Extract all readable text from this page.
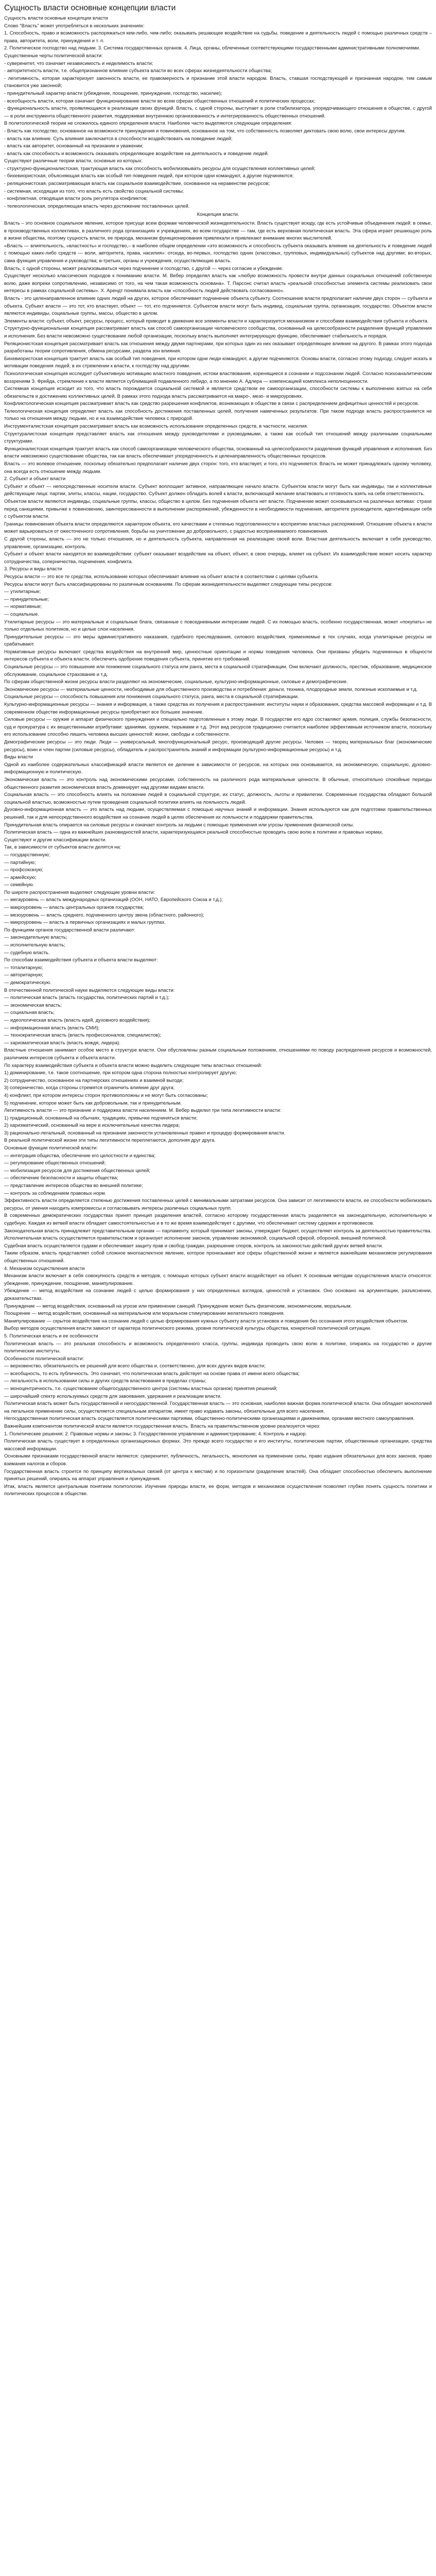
Сущность власти основные концепции власти

Сущность власти основные концепции власти

Слово "Власть" может употребляться в нескольких значениях:

1. Способность, право и возможность распоряжаться кем-либо, чем-либо; оказывать решающее воздействие на судьбы, поведение и деятельность людей с помощью различных средств – права, авторитета, воли, принуждения и т. п.

2. Политическое господство над людьми. 3. Система государственных органов. 4. Лица, органы, облеченные соответствующими государственными административными полномочиями.

Существенные черты политической власти:

- суверенитет, что означает независимость и неделимость власти;

- авторитетность власти, т.е. общепризнанное влияние субъекта власти во всех сферах жизнедеятельности общества;

- легитимность, которая характеризует законность власти, ее правомерность и признание этой власти народом. Власть, ставшая господствующей и признанная народом, тем самым становится уже законной;

- принудительный характер власти (убеждение, поощрение, принуждение, господство, насилие);

- всеобщность власти, которая означает функционирование власти во всем сферах общественных отношений и политических процессах;

- функциональность власти, проявляющаяся в реализации своих функций. Власть, с одной стороны, выступает в роли стабилизатора, упорядочивающего отношения в обществе, с другой — в роли инструмента общественного развития, поддерживая внутреннюю организованность и интегрированность общественных отношений.

В политологической теории не сложилось единого определения власти. Наиболее часто выделяются следующие определения:

- Власть как господство, основанное на возможности принуждения и повиновения, основанное на том, что собственность позволяет диктовать свою волю, свои интересы другим.

- власть как влияние. Суть влияния заключается в способности воздействовать на поведение людей;

- власть как авторитет, основанный на признании и уважении;

- власть как способность и возможность оказывать определяющее воздействие на деятельность и поведение людей.

Существуют различные теории власти, основные из которых:

- структурно-функционалистская, трактующая власть как способность мобилизовывать ресурсы для осуществления коллективных целей;

- бихевиористская, объясняющая власть как особый тип поведения людей, при котором одни командуют, а другие подчиняются;

- реляционистская, рассматривающая власть как социальное взаимодействие, основанное на неравенстве ресурсов;

- системная, исходящая из того, что власть есть свойство социальной системы;

- конфликтная, отводящая власти роль регулятора конфликтов;

- телеологическая, определяющая власть через достижение поставленных целей.

Концепция власти.

Власть – это основное социальное явление, которое присуще всем формам человеческой жизнедеятельности. Власть существует всюду, где есть устойчивые объединения людей: в семье, в производственных коллективах, в различного рода организациях и учреждениях, во всем государстве — там, где есть верховная политическая власть. Эта сфера играет решающую роль в жизни общества, поэтому сущность власти, ее природа, механизм функционирования привлекали и привлекают внимание многих мыслителей.

«Власть — влиятельность, «властность» и господство,– в наиболее общем определении «это возможность и способность субъекта оказывать влияние на деятельность и поведение людей с помощью каких-либо средств — воли, авторитета, права, насилия»: отсюда, во-первых, господство одних (классовых, групповых, индивидуальных) субъектов над другими; во-вторых, сама функция управления и руководства; в-третьих, органы и учреждения, осуществляющие власть.

Власть, с одной стороны, может реализовываться через подчинение и господство, с другой — через согласие и убеждение.

Существует несколько классических подходов к пониманию власти. М. Вебер определял власть как «любую возможность провести внутри данных социальных отношений собственную волю, даже вопреки сопротивлению, независимо от того, на чем такая возможность основана». Т. Парсонс считал власть «реальной способностью элемента системы реализовать свои интересы в рамках социальной системы». Х. Арендт понимала власть как «способность людей действовать согласованно».

Власть - это целенаправленное влияние одних людей на других, которое обеспечивает подчинение объекта субъекту. Соотношение власти предполагает наличие двух сторон — субъекта и объекта. Субъект власти — это тот, кто властвует, объект — тот, кто подчиняется. Субъектом власти могут быть индивид, социальная группа, организация, государство. Объектом власти являются индивиды, социальные группы, массы, общество в целом.

Элементы власти: субъект, объект, ресурсы, процесс, который приводит в движение все элементы власти и характеризуется механизмом и способами взаимодействия субъекта и объекта.

Структурно-функциональная концепция рассматривает власть как способ самоорганизации человеческого сообщества, основанный на целесообразности разделения функций управления и исполнения. Без власти невозможно существование любой организации, поскольку власть выполняет интегрирующую функцию, обеспечивает стабильность и порядок.

Реляционистская концепция рассматривает власть как отношения между двумя партнерами, при которых один из них оказывает определяющее влияние на другого. В рамках этого подхода разработаны теории сопротивления, обмена ресурсами, раздела зон влияния.

Бихевиористская концепция трактует власть как особый тип поведения, при котором одни люди командуют, а другие подчиняются. Основы власти, согласно этому подходу, следует искать в мотивации поведения людей, в их стремлении к власти, к господству над другими.

Психологическая концепция исследует субъективную мотивацию властного поведения, истоки властвования, коренящиеся в сознании и подсознании людей. Согласно психоаналитическим воззрениям З. Фрейда, стремление к власти является сублимацией подавленного либидо, а по мнению А. Адлера — компенсацией комплекса неполноценности.

Системная концепция исходит из того, что власть порождается социальной системой и является средством ее самоорганизации, способности системы к выполнению взятых на себя обязательств и достижению коллективных целей. В рамках этого подхода власть рассматривается на макро-, мезо- и микроуровнях.

Конфликтологическая концепция рассматривает власть как средство разрешения конфликтов, возникающих в обществе в связи с распределением дефицитных ценностей и ресурсов.

Телеологическая концепция определяет власть как способность достижения поставленных целей, получения намеченных результатов. При таком подходе власть распространяется не только на отношения между людьми, но и на взаимодействие человека с природой.

Инструменталистская концепция рассматривает власть как возможность использования определенных средств, в частности, насилия.

Структуралистская концепция представляет власть как отношения между руководителями и руководимыми, а также как особый тип отношений между различными социальными структурами.

Функционалистская концепция трактует власть как способ самоорганизации человеческого общества, основанный на целесообразности разделения функций управления и исполнения. Без власти невозможно существование общества, так как власть обеспечивает упорядоченность и целенаправленность общественных процессов.

Власть — это волевое отношение, поскольку обязательно предполагает наличие двух сторон: того, кто властвует, и того, кто подчиняется. Власть не может принадлежать одному человеку, она всегда есть отношение между людьми.

2. Субъект и объект власти

Субъект и объект — непосредственные носители власти. Субъект воплощает активное, направляющее начало власти. Субъектом власти могут быть как индивиды, так и коллективные действующие лица: партии, элиты, классы, нации, государство. Субъект должен обладать волей к власти, включающей желание властвовать и готовность взять на себя ответственность.

Объектом власти являются индивиды, социальные группы, классы, общество в целом. Без подчинения объекта нет власти. Подчинение может основываться на различных мотивах: страхе перед санкциями, привычке к повиновению, заинтересованности в выполнении распоряжений, убежденности в необходимости подчинения, авторитете руководителя, идентификации себя с субъектом власти.

Границы повиновения объекта власти определяются характером объекта, его качествами и степенью подготовленности к восприятию властных распоряжений. Отношение объекта к власти может варьироваться от ожесточенного сопротивления, борьбы на уничтожение до добровольного, с радостью воспринимаемого повиновения.

С другой стороны, власть — это не только отношения, но и деятельность субъекта, направленная на реализацию своей воли. Властная деятельность включает в себя руководство, управление, организацию, контроль.

Субъект и объект власти находятся во взаимодействии: субъект оказывает воздействие на объект, объект, в свою очередь, влияет на субъект. Их взаимодействие может носить характер сотрудничества, соперничества, подчинения, конфликта.

3. Ресурсы и виды власти

Ресурсы власти — это все те средства, использование которых обеспечивает влияние на объект власти в соответствии с целями субъекта.

Ресурсы власти могут быть классифицированы по различным основаниям. По сферам жизнедеятельности выделяют следующие типы ресурсов:

— утилитарные;

— принудительные;

— нормативные;

— социальные.

Утилитарные ресурсы — это материальные и социальные блага, связанные с повседневными интересами людей. С их помощью власть, особенно государственная, может «покупать» не только отдельных политиков, но и целые слои населения.

Принудительные ресурсы — это меры административного наказания, судебного преследования, силового воздействия, применяемые в тех случаях, когда утилитарные ресурсы не срабатывают.

Нормативные ресурсы включают средства воздействия на внутренний мир, ценностные ориентации и нормы поведения человека. Они призваны убедить подчиненных в общности интересов субъекта и объекта власти, обеспечить одобрение поведения субъекта, принятие его требований.

Социальные ресурсы — это повышение или понижение социального статуса или ранга, места в социальной стратификации. Они включают должность, престиж, образование, медицинское обслуживание, социальное страхование и т.д.

По сферам общественной жизни ресурсы власти разделяют на экономические, социальные, культурно-информационные, силовые и демографические.

Экономические ресурсы — материальные ценности, необходимые для общественного производства и потребления: деньги, техника, плодородные земли, полезные ископаемые и т.д.

Социальные ресурсы — способность повышения или понижения социального статуса, ранга, места в социальной стратификации.

Культурно-информационные ресурсы — знания и информация, а также средства их получения и распространения: институты науки и образования, средства массовой информации и т.д. В современном обществе информационные ресурсы приобретают все большее значение.

Силовые ресурсы — оружие и аппарат физического принуждения и специально подготовленные к этому люди. В государстве его ядро составляют армия, полиция, службы безопасности, суд и прокуратура с их вещественными атрибутами: зданиями, оружием, тюрьмами и т.д. Этот вид ресурсов традиционно считается наиболее эффективным источником власти, поскольку его использование способно лишить человека высших ценностей: жизни, свободы и собственности.

Демографические ресурсы — это люди. Люди — универсальный, многофункциональный ресурс, производящий другие ресурсы. Человек — творец материальных благ (экономические ресурсы), воин и член партии (силовые ресурсы), обладатель и распространитель знаний и информации (культурно-информационные ресурсы) и т.д.

Виды власти

Одной из наиболее содержательных классификаций власти является ее деление в зависимости от ресурсов, на которых она основывается, на экономическую, социальную, духовно-информационную и политическую.

Экономическая власть — это контроль над экономическими ресурсами, собственность на различного рода материальные ценности. В обычные, относительно спокойные периоды общественного развития экономическая власть доминирует над другими видами власти.

Социальная власть — это способность влиять на положение людей в социальной структуре, их статус, должность, льготы и привилегии. Современные государства обладают большой социальной властью, возможностью путем проведения социальной политики влиять на лояльность людей.

Духовно-информационная власть — это власть над людьми, осуществляемая с помощью научных знаний и информации. Знания используются как для подготовки правительственных решений, так и для непосредственного воздействия на сознание людей в целях обеспечения их лояльности и поддержки правительства.

Принудительная власть опирается на силовые ресурсы и означает контроль за людьми с помощью применения или угрозы применения физической силы.

Политическая власть — одна из важнейших разновидностей власти, характеризующаяся реальной способностью проводить свою волю в политике и правовых нормах.

Существуют и другие классификации власти.

Так, в зависимости от субъектов власти делятся на:

— государственную;

— партийную;

— профсоюзную;

— армейскую;

— семейную.

По широте распространения выделяют следующие уровни власти:

— мегауровень — власть международных организаций (ООН, НАТО, Европейского Союза и т.д.);

— макроуровень — власть центральных органов государства;

— мезоуровень — власть среднего, подчиненного центру звена (областного, районного);

— микроуровень — власть в первичных организациях и малых группах.

По функциям органов государственной власти различают:

— законодательную власть;

— исполнительную власть;

— судебную власть.

По способам взаимодействия субъекта и объекта власти выделяют:

— тоталитарную;

— авторитарную;

— демократическую.

В отечественной политической науке выделяются следующие виды власти:

— политическая власть (власть государства, политических партий и т.д.);

— экономическая власть;

— социальная власть;

— идеологическая власть (власть идей, духовного воздействия);

— информационная власть (власть СМИ);

— технократическая власть (власть профессионалов, специалистов);

— харизматическая власть (власть вождя, лидера).

Властные отношения занимают особое место в структуре власти. Они обусловлены разным социальным положением, отношениями по поводу распределения ресурсов и возможностей, различием интересов субъекта и объекта власти.

По характеру взаимодействия субъекта и объекта власти можно выделить следующие типы властных отношений:

1) доминирование, т.е. такое соотношение, при котором одна сторона полностью контролирует другую;

2) сотрудничество, основанное на партнерских отношениях и взаимной выгоде;

3) соперничество, когда стороны стремятся ограничить влияние друг друга;

4) конфликт, при котором интересы сторон противоположны и не могут быть согласованы;

5) подчинение, которое может быть как добровольным, так и принудительным.

Легитимность власти — это признание и поддержка власти населением. М. Вебер выделил три типа легитимности власти:

1) традиционный, основанный на обычаях, традициях, привычке подчиняться власти;

2) харизматический, основанный на вере в исключительные качества лидера;

3) рационально-легальный, основанный на признании законности установленных правил и процедур формирования власти.

В реальной политической жизни эти типы легитимности переплетаются, дополняя друг друга.

Основные функции политической власти:

— интеграция общества, обеспечение его целостности и единства;

— регулирование общественных отношений;

— мобилизация ресурсов для достижения общественных целей;

— обеспечение безопасности и защиты общества;

— представление интересов общества во внешней политике;

— контроль за соблюдением правовых норм.

Эффективность власти определяется степенью достижения поставленных целей с минимальными затратами ресурсов. Она зависит от легитимности власти, ее способности мобилизовать ресурсы, от умения находить компромиссы и согласовывать интересы различных социальных групп.

В современных демократических государствах принят принцип разделения властей, согласно которому государственная власть разделяется на законодательную, исполнительную и судебную. Каждая из ветвей власти обладает самостоятельностью и в то же время взаимодействует с другими, что обеспечивает систему сдержек и противовесов.

Законодательная власть принадлежит представительным органам — парламенту, который принимает законы, утверждает бюджет, осуществляет контроль за деятельностью правительства.

Исполнительная власть осуществляется правительством и организует исполнение законов, управление экономикой, социальной сферой, обороной, внешней политикой.

Судебная власть осуществляется судами и обеспечивает защиту прав и свобод граждан, разрешение споров, контроль за законностью действий других ветвей власти.

Таким образом, власть представляет собой сложное многоаспектное явление, которое пронизывает все сферы общественной жизни и является важнейшим механизмом регулирования общественных отношений.

4. Механизм осуществления власти

Механизм власти включает в себя совокупность средств и методов, с помощью которых субъект власти воздействует на объект. К основным методам осуществления власти относятся: убеждение, принуждение, поощрение, манипулирование.

Убеждение — метод воздействия на сознание людей с целью формирования у них определенных взглядов, ценностей и установок. Оно основано на аргументации, разъяснении, доказательствах.

Принуждение — метод воздействия, основанный на угрозе или применении санкций. Принуждение может быть физическим, экономическим, моральным.

Поощрение — метод воздействия, основанный на материальном или моральном стимулировании желательного поведения.

Манипулирование — скрытое воздействие на сознание людей с целью формирования нужных субъекту власти установок и поведения без осознания этого воздействия объектом.

Выбор методов осуществления власти зависит от характера политического режима, уровня политической культуры общества, конкретной политической ситуации.

5. Политическая власть и ее особенности

Политическая власть — это реальная способность и возможность определенного класса, группы, индивида проводить свою волю в политике, опираясь на государство и другие политические институты.

Особенности политической власти:

— верховенство, обязательность ее решений для всего общества и, соответственно, для всех других видов власти;

— всеобщность, то есть публичность. Это означает, что политическая власть действует на основе права от имени всего общества;

— легальность в использовании силы и других средств властвования в пределах страны;

— моноцентричность, т.е. существование общегосударственного центра (системы властных органов) принятия решений;

— широчайший спектр используемых средств для завоевания, удержания и реализации власти.

Политическая власть может быть государственной и негосударственной. Государственная власть — это основная, наиболее важная форма политической власти. Она обладает монополией на легальное применение силы, осуществляется специальным аппаратом, имеет право издавать законы, обязательные для всего населения.

Негосударственная политическая власть осуществляется политическими партиями, общественно-политическими организациями и движениями, органами местного самоуправления.

Важнейшим компонентом политической власти является государственная власть. Власть на правительственном уровне реализуется через:

1. Политические решения; 2. Правовые нормы и законы; 3. Государственное управление и администрирование; 4. Контроль и надзор.

Политическая власть существует в определенных организационных формах. Это прежде всего государство и его институты, политические партии, общественные организации, средства массовой информации.

Основными признаками государственной власти являются: суверенитет, публичность, легальность, монополия на применение силы, право издания обязательных для всех законов, право взимания налогов и сборов.

Государственная власть строится по принципу вертикальных связей (от центра к местам) и по горизонтали (разделение властей). Она обладает способностью обеспечить выполнение принятых решений, опираясь на аппарат управления и принуждения.

Итак, власть является центральным понятием политологии. Изучение природы власти, ее форм, методов и механизмов осуществления позволяет глубже понять сущность политики и политических процессов в обществе.
